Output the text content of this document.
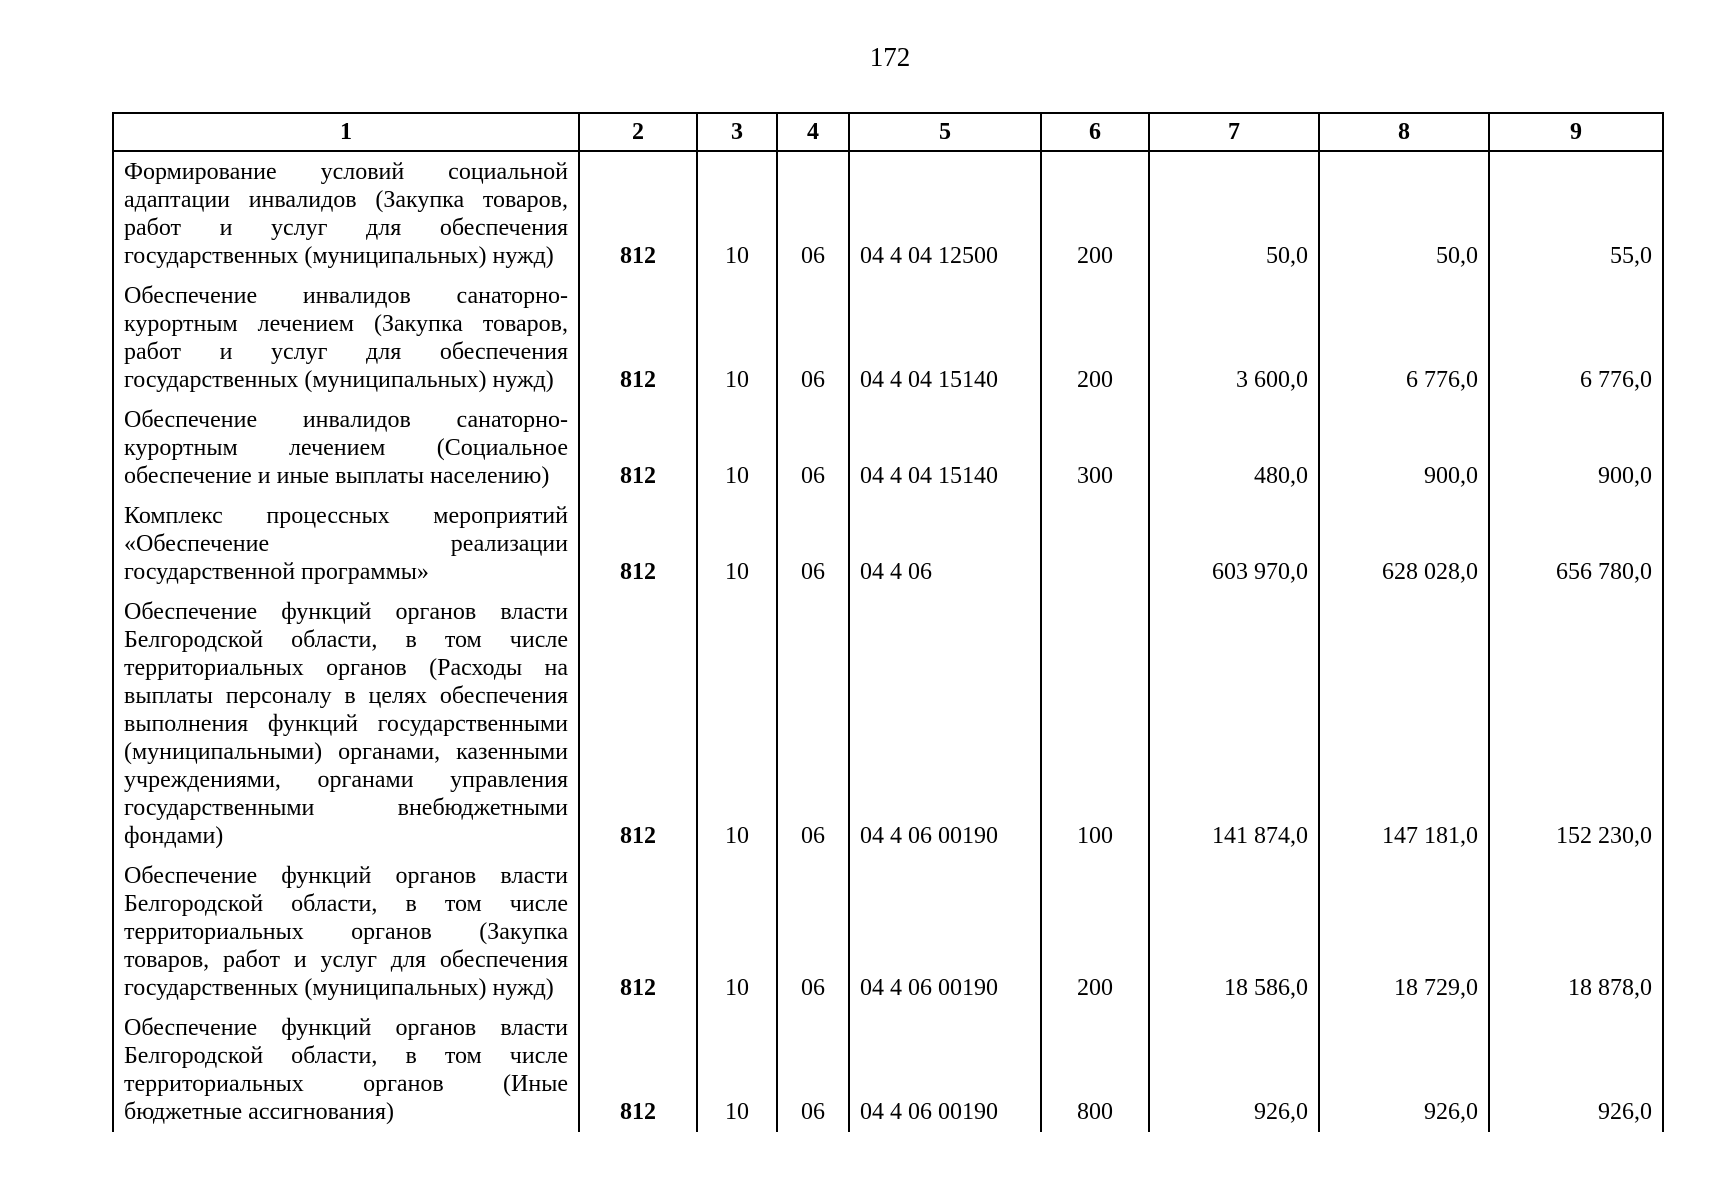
172
1	2	3	4	5	6	7	8	9
Формирование условий социальной адаптации инвалидов (Закупка товаров, работ и услуг для обеспечения государственных (муниципальных) нужд)	812	10	06	04 4 04 12500	200	50,0	50,0	55,0
Обеспечение инвалидов санаторно-курортным лечением (Закупка товаров, работ и услуг для обеспечения государственных (муниципальных) нужд)	812	10	06	04 4 04 15140	200	3 600,0	6 776,0	6 776,0
Обеспечение инвалидов санаторно-курортным лечением (Социальное обеспечение и иные выплаты населению)	812	10	06	04 4 04 15140	300	480,0	900,0	900,0
Комплекс процессных мероприятий «Обеспечение реализации государственной программы»	812	10	06	04 4 06		603 970,0	628 028,0	656 780,0
Обеспечение функций органов власти Белгородской области, в том числе территориальных органов (Расходы на выплаты персоналу в целях обеспечения выполнения функций государственными (муниципальными) органами, казенными учреждениями, органами управления государственными внебюджетными фондами)	812	10	06	04 4 06 00190	100	141 874,0	147 181,0	152 230,0
Обеспечение функций органов власти Белгородской области, в том числе территориальных органов (Закупка товаров, работ и услуг для обеспечения государственных (муниципальных) нужд)	812	10	06	04 4 06 00190	200	18 586,0	18 729,0	18 878,0
Обеспечение функций органов власти Белгородской области, в том числе территориальных органов (Иные бюджетные ассигнования)	812	10	06	04 4 06 00190	800	926,0	926,0	926,0
